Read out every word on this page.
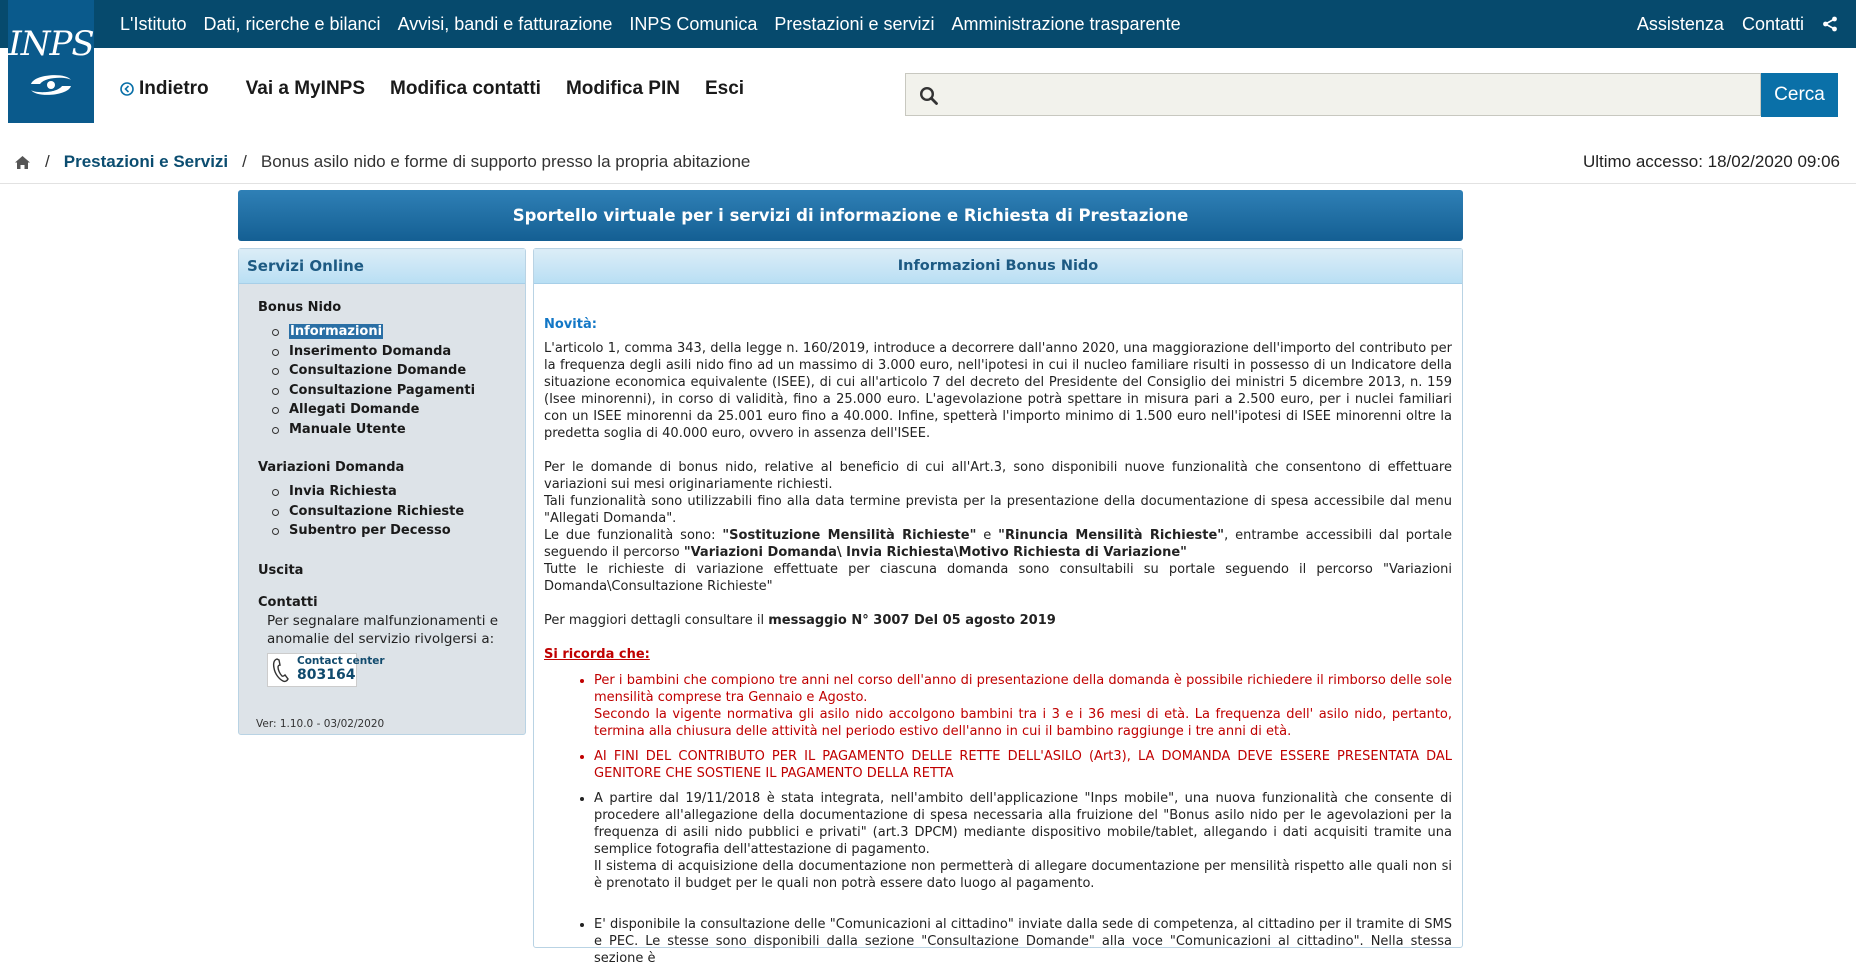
L'Istituto Dati, ricerche e bilanci Avvisi, bandi e fatturazione INPS Comunica Prestazioni e servizi Amministrazione trasparente	Assistenza Contatti
INPS
Indietro Vai a MyINPS Modifica contatti Modifica PIN Esci	Cerca
/ Prestazioni e Servizi / Bonus asilo nido e forme di supporto presso la propria abitazione	Ultimo accesso: 18/02/2020 09:06
Sportello virtuale per i servizi di informazione e Richiesta di Prestazione
Servizi Online
Bonus Nido
Informazioni
Inserimento Domanda
Consultazione Domande
Consultazione Pagamenti
Allegati Domande
Manuale Utente
Variazioni Domanda
Invia Richiesta
Consultazione Richieste
Subentro per Decesso
Uscita
Contatti
Per segnalare malfunzionamenti e anomalie del servizio rivolgersi a:
Contact center
803164
Ver: 1.10.0 - 03/02/2020
Informazioni Bonus Nido

Novità:

L'articolo 1, comma 343, della legge n. 160/2019, introduce a decorrere dall'anno 2020, una maggiorazione dell'importo del contributo per la frequenza degli asili nido fino ad un massimo di 3.000 euro, nell'ipotesi in cui il nucleo familiare risulti in possesso di un Indicatore della situazione economica equivalente (ISEE), di cui all'articolo 7 del decreto del Presidente del Consiglio dei ministri 5 dicembre 2013, n. 159 (Isee minorenni), in corso di validità, fino a 25.000 euro. L'agevolazione potrà spettare in misura pari a 2.500 euro, per i nuclei familiari con un ISEE minorenni da 25.001 euro fino a 40.000. Infine, spetterà l'importo minimo di 1.500 euro nell'ipotesi di ISEE minorenni oltre la predetta soglia di 40.000 euro, ovvero in assenza dell'ISEE.

Per le domande di bonus nido, relative al beneficio di cui all'Art.3, sono disponibili nuove funzionalità che consentono di effettuare variazioni sui mesi originariamente richiesti.

Tali funzionalità sono utilizzabili fino alla data termine prevista per la presentazione della documentazione di spesa accessibile dal menu "Allegati Domanda".

Le due funzionalità sono: "Sostituzione Mensilità Richieste" e "Rinuncia Mensilità Richieste", entrambe accessibili dal portale seguendo il percorso "Variazioni Domanda\ Invia Richiesta\Motivo Richiesta di Variazione"

Tutte le richieste di variazione effettuate per ciascuna domanda sono consultabili su portale seguendo il percorso "Variazioni Domanda\Consultazione Richieste"

Per maggiori dettagli consultare il messaggio N° 3007 Del 05 agosto 2019

Si ricorda che:

• Per i bambini che compiono tre anni nel corso dell'anno di presentazione della domanda è possibile richiedere il rimborso delle sole mensilità comprese tra Gennaio e Agosto.
Secondo la vigente normativa gli asilo nido accolgono bambini tra i 3 e i 36 mesi di età. La frequenza dell' asilo nido, pertanto, termina alla chiusura delle attività nel periodo estivo dell'anno in cui il bambino raggiunge i tre anni di età.
• AI FINI DEL CONTRIBUTO PER IL PAGAMENTO DELLE RETTE DELL'ASILO (Art3), LA DOMANDA DEVE ESSERE PRESENTATA DAL GENITORE CHE SOSTIENE IL PAGAMENTO DELLA RETTA
• A partire dal 19/11/2018 è stata integrata, nell'ambito dell'applicazione "Inps mobile", una nuova funzionalità che consente di procedere all'allegazione della documentazione di spesa necessaria alla fruizione del "Bonus asilo nido per le agevolazioni per la frequenza di asili nido pubblici e privati" (art.3 DPCM) mediante dispositivo mobile/tablet, allegando i dati acquisiti tramite una semplice fotografia dell'attestazione di pagamento.
Il sistema di acquisizione della documentazione non permetterà di allegare documentazione per mensilità rispetto alle quali non si è prenotato il budget per le quali non potrà essere dato luogo al pagamento.
• E' disponibile la consultazione delle "Comunicazioni al cittadino" inviate dalla sede di competenza, al cittadino per il tramite di SMS e PEC. Le stesse sono disponibili dalla sezione "Consultazione Domande" alla voce "Comunicazioni al cittadino". Nella stessa sezione è
